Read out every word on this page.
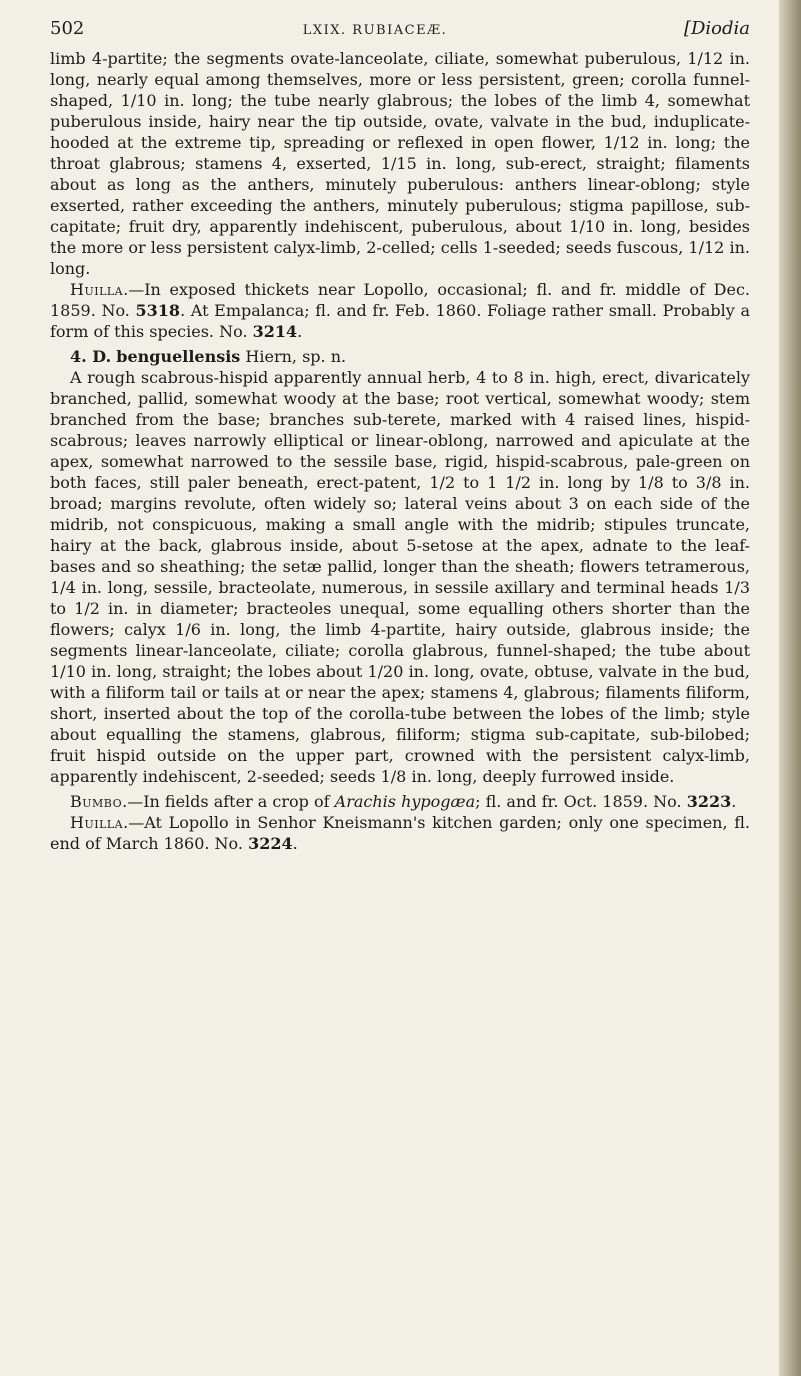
502	LXIX. RUBIACEÆ.	[Diodia

limb 4-partite; the segments ovate-lanceolate, ciliate, somewhat puberulous, 1/12 in. long, nearly equal among themselves, more or less persistent, green; corolla funnel-shaped, 1/10 in. long; the tube nearly glabrous; the lobes of the limb 4, somewhat puberulous inside, hairy near the tip outside, ovate, valvate in the bud, induplicate-hooded at the extreme tip, spreading or reflexed in open flower, 1/12 in. long; the throat glabrous; stamens 4, exserted, 1/15 in. long, sub-erect, straight; filaments about as long as the anthers, minutely puberulous: anthers linear-oblong; style exserted, rather exceeding the anthers, minutely puberulous; stigma papillose, sub-capitate; fruit dry, apparently indehiscent, puberulous, about 1/10 in. long, besides the more or less persistent calyx-limb, 2-celled; cells 1-seeded; seeds fuscous, 1/12 in. long.

Huilla.—In exposed thickets near Lopollo, occasional; fl. and fr. middle of Dec. 1859. No. 5318. At Empalanca; fl. and fr. Feb. 1860. Foliage rather small. Probably a form of this species. No. 3214.

4. D. benguellensis Hiern, sp. n.

A rough scabrous-hispid apparently annual herb, 4 to 8 in. high, erect, divaricately branched, pallid, somewhat woody at the base; root vertical, somewhat woody; stem branched from the base; branches sub-terete, marked with 4 raised lines, hispid-scabrous; leaves narrowly elliptical or linear-oblong, narrowed and apiculate at the apex, somewhat narrowed to the sessile base, rigid, hispid-scabrous, pale-green on both faces, still paler beneath, erect-patent, 1/2 to 1 1/2 in. long by 1/8 to 3/8 in. broad; margins revolute, often widely so; lateral veins about 3 on each side of the midrib, not conspicuous, making a small angle with the midrib; stipules truncate, hairy at the back, glabrous inside, about 5-setose at the apex, adnate to the leaf-bases and so sheathing; the setæ pallid, longer than the sheath; flowers tetramerous, 1/4 in. long, sessile, bracteolate, numerous, in sessile axillary and terminal heads 1/3 to 1/2 in. in diameter; bracteoles unequal, some equalling others shorter than the flowers; calyx 1/6 in. long, the limb 4-partite, hairy outside, glabrous inside; the segments linear-lanceolate, ciliate; corolla glabrous, funnel-shaped; the tube about 1/10 in. long, straight; the lobes about 1/20 in. long, ovate, obtuse, valvate in the bud, with a filiform tail or tails at or near the apex; stamens 4, glabrous; filaments filiform, short, inserted about the top of the corolla-tube between the lobes of the limb; style about equalling the stamens, glabrous, filiform; stigma sub-capitate, sub-bilobed; fruit hispid outside on the upper part, crowned with the persistent calyx-limb, apparently indehiscent, 2-seeded; seeds 1/8 in. long, deeply furrowed inside.

Bumbo.—In fields after a crop of Arachis hypogæa; fl. and fr. Oct. 1859. No. 3223.

Huilla.—At Lopollo in Senhor Kneismann's kitchen garden; only one specimen, fl. end of March 1860. No. 3224.
